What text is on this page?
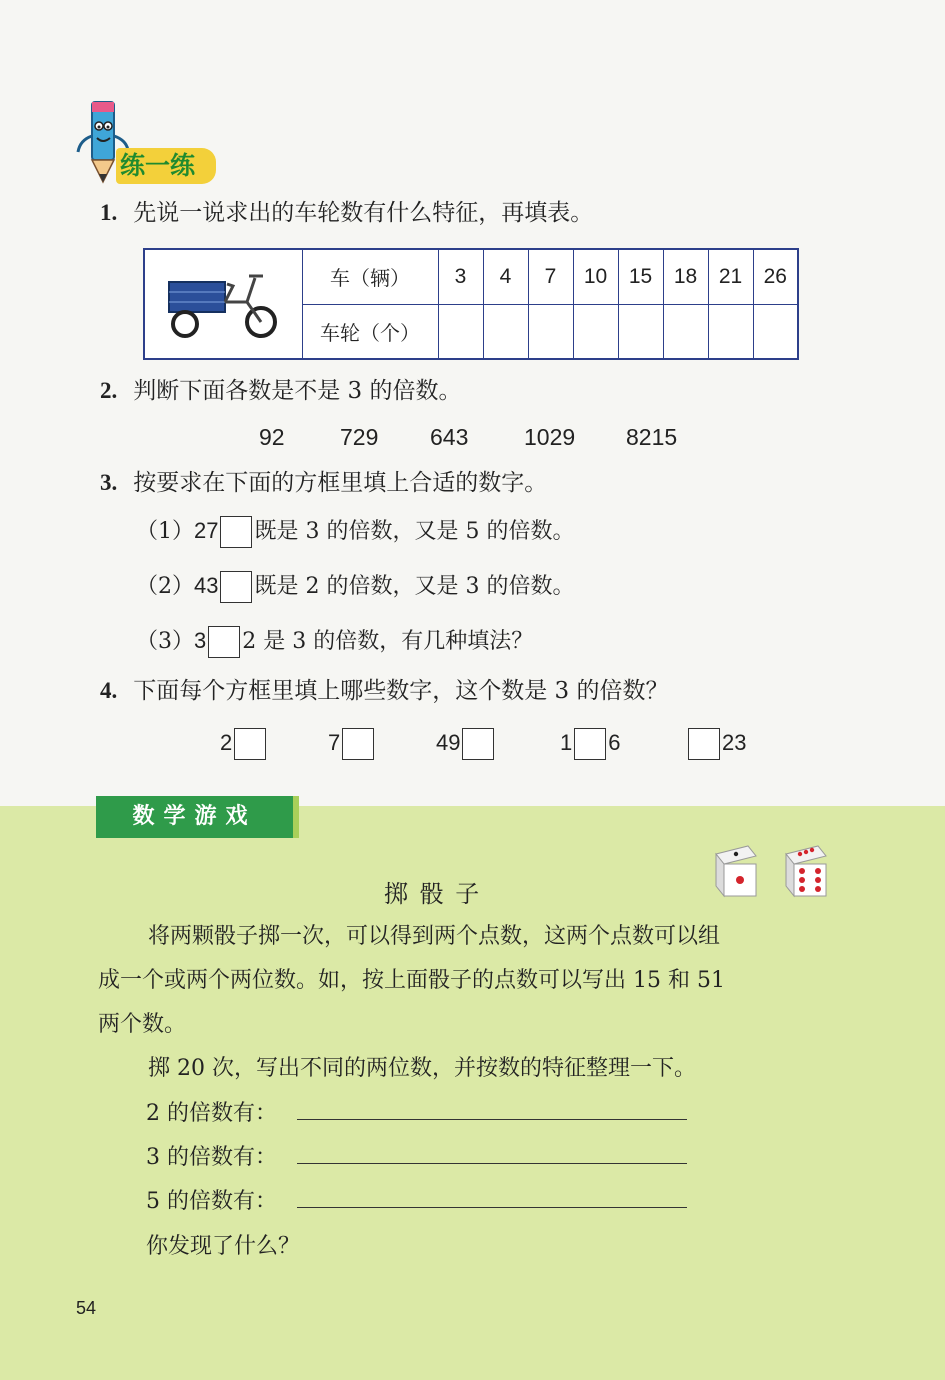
练一练
1. 先说一说求出的车轮数有什么特征，再填表。
	车（辆）	3	4	7	10	15	18	21	26
	车轮（个）								
2. 判断下面各数是不是 3 的倍数。
92 729 643 1029 8215
3. 按要求在下面的方框里填上合适的数字。
（1）27 既是 3 的倍数，又是 5 的倍数。
（2）43 既是 2 的倍数，又是 3 的倍数。
（3）3 2 是 3 的倍数，有几种填法？
4. 下面每个方框里填上哪些数字，这个数是 3 的倍数？
2	7	49	1 6	23
数学游戏
掷 骰 子
将两颗骰子掷一次，可以得到两个点数，这两个点数可以组
成一个或两个两位数。如，按上面骰子的点数可以写出 15 和 51
两个数。
掷 20 次，写出不同的两位数，并按数的特征整理一下。
2 的倍数有：
3 的倍数有：
5 的倍数有：
你发现了什么？
54
